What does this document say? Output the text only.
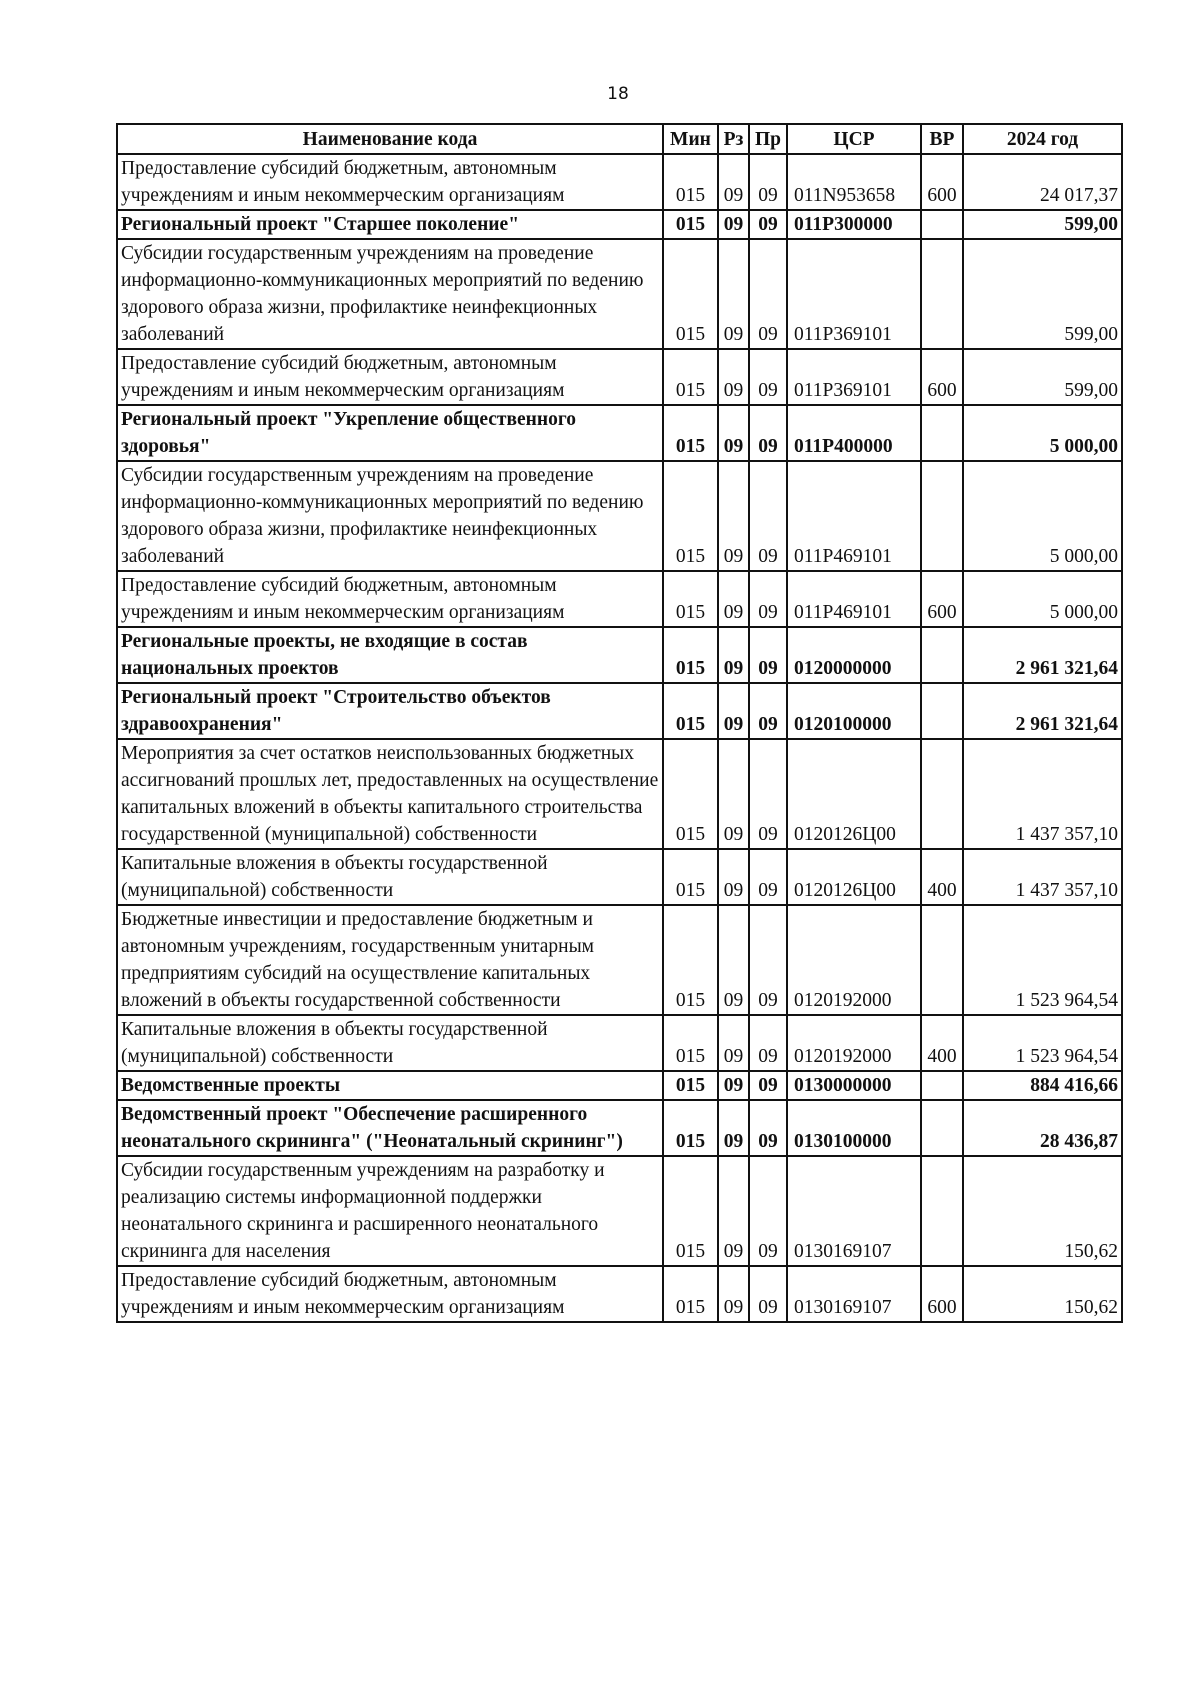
18
Наименование кода	Мин	Рз	Пр	ЦСР	ВР	2024 год
Предоставление субсидий бюджетным, автономным учреждениям и иным некоммерческим организациям	015	09	09	011N953658	600	24 017,37
Региональный проект "Старшее поколение"	015	09	09	011P300000		599,00
Субсидии государственным учреждениям на проведение информационно-коммуникационных мероприятий по ведению здорового образа жизни, профилактике неинфекционных заболеваний	015	09	09	011P369101		599,00
Предоставление субсидий бюджетным, автономным учреждениям и иным некоммерческим организациям	015	09	09	011P369101	600	599,00
Региональный проект "Укрепление общественного здоровья"	015	09	09	011P400000		5 000,00
Субсидии государственным учреждениям на проведение информационно-коммуникационных мероприятий по ведению здорового образа жизни, профилактике неинфекционных заболеваний	015	09	09	011P469101		5 000,00
Предоставление субсидий бюджетным, автономным учреждениям и иным некоммерческим организациям	015	09	09	011P469101	600	5 000,00
Региональные проекты, не входящие в состав национальных проектов	015	09	09	0120000000		2 961 321,64
Региональный проект "Строительство объектов здравоохранения"	015	09	09	0120100000		2 961 321,64
Мероприятия за счет остатков неиспользованных бюджетных ассигнований прошлых лет, предоставленных на осуществление капитальных вложений в объекты капитального строительства государственной (муниципальной) собственности	015	09	09	0120126Ц00		1 437 357,10
Капитальные вложения в объекты государственной (муниципальной) собственности	015	09	09	0120126Ц00	400	1 437 357,10
Бюджетные инвестиции и предоставление бюджетным и автономным учреждениям, государственным унитарным предприятиям субсидий на осуществление капитальных вложений в объекты государственной собственности	015	09	09	0120192000		1 523 964,54
Капитальные вложения в объекты государственной (муниципальной) собственности	015	09	09	0120192000	400	1 523 964,54
Ведомственные проекты	015	09	09	0130000000		884 416,66
Ведомственный проект "Обеспечение расширенного неонатального скрининга" ("Неонатальный скрининг")	015	09	09	0130100000		28 436,87
Субсидии государственным учреждениям на разработку и реализацию системы информационной поддержки неонатального скрининга и расширенного неонатального скрининга для населения	015	09	09	0130169107		150,62
Предоставление субсидий бюджетным, автономным учреждениям и иным некоммерческим организациям	015	09	09	0130169107	600	150,62
